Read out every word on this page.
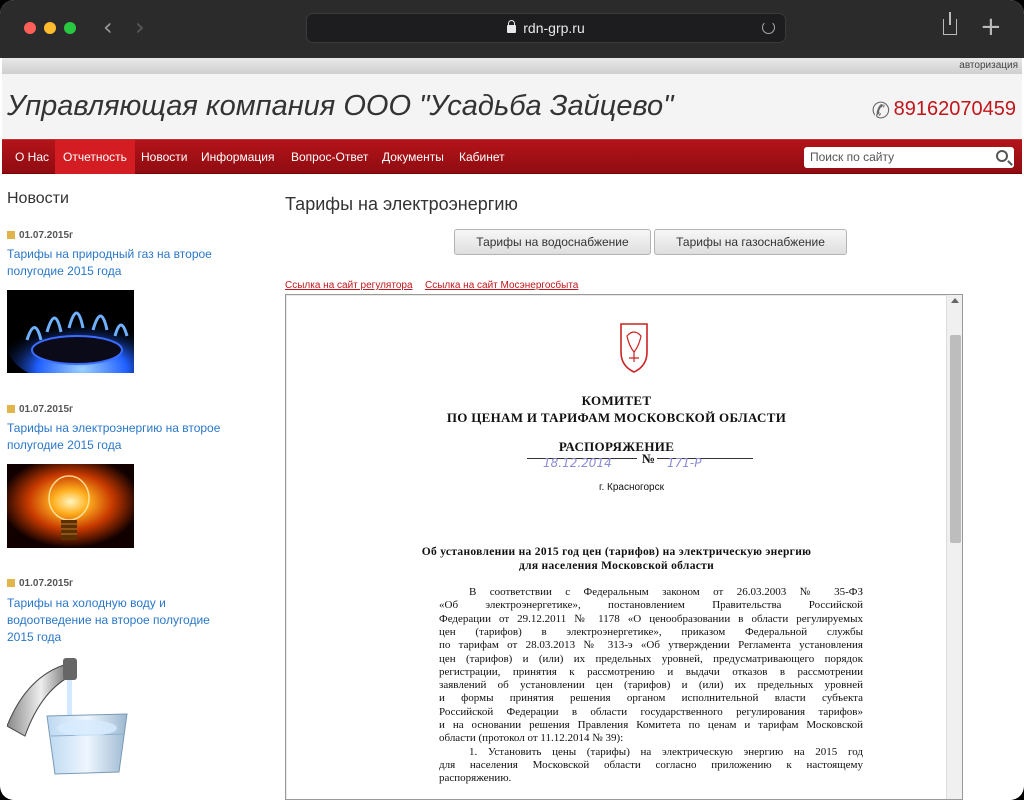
‹ ›	rdn-grp.ru	+
авторизация
Управляющая компания ООО "Усадьба Зайцево"	✆ 89162070459
О Нас	Отчетность	Новости	Информация	Вопрос-Ответ	Документы	Кабинет	Поиск по сайту
Новости
01.07.2015г
Тарифы на природный газ на второе полугодие 2015 года
01.07.2015г
Тарифы на электроэнергию на второе полугодие 2015 года
01.07.2015г
Тарифы на холодную воду и водоотведение на второе полугодие 2015 года
Тарифы на электроэнергию
Тарифы на водоснабжение	Тарифы на газоснабжение
Ссылка на сайт регулятора Ссылка на сайт Мосэнергосбыта
КОМИТЕТ
ПО ЦЕНАМ И ТАРИФАМ МОСКОВСКОЙ ОБЛАСТИ
РАСПОРЯЖЕНИЕ
18.12.2014 № 171-Р
г. Красногорск
Об установлении на 2015 год цен (тарифов) на электрическую энергию
для населения Московской области
В соответствии с Федеральным законом от 26.03.2003 № 35-ФЗ
«Об электроэнергетике», постановлением Правительства Российской
Федерации от 29.12.2011 № 1178 «О ценообразовании в области регулируемых
цен (тарифов) в электроэнергетике», приказом Федеральной службы
по тарифам от 28.03.2013 № 313-э «Об утверждении Регламента установления
цен (тарифов) и (или) их предельных уровней, предусматривающего порядок
регистрации, принятия к рассмотрению и выдачи отказов в рассмотрении
заявлений об установлении цен (тарифов) и (или) их предельных уровней
и формы принятия решения органом исполнительной власти субъекта
Российской Федерации в области государственного регулирования тарифов»
и на основании решения Правления Комитета по ценам и тарифам Московской
области (протокол от 11.12.2014 № 39):
1. Установить цены (тарифы) на электрическую энергию на 2015 год
для населения Московской области согласно приложению к настоящему
распоряжению.
